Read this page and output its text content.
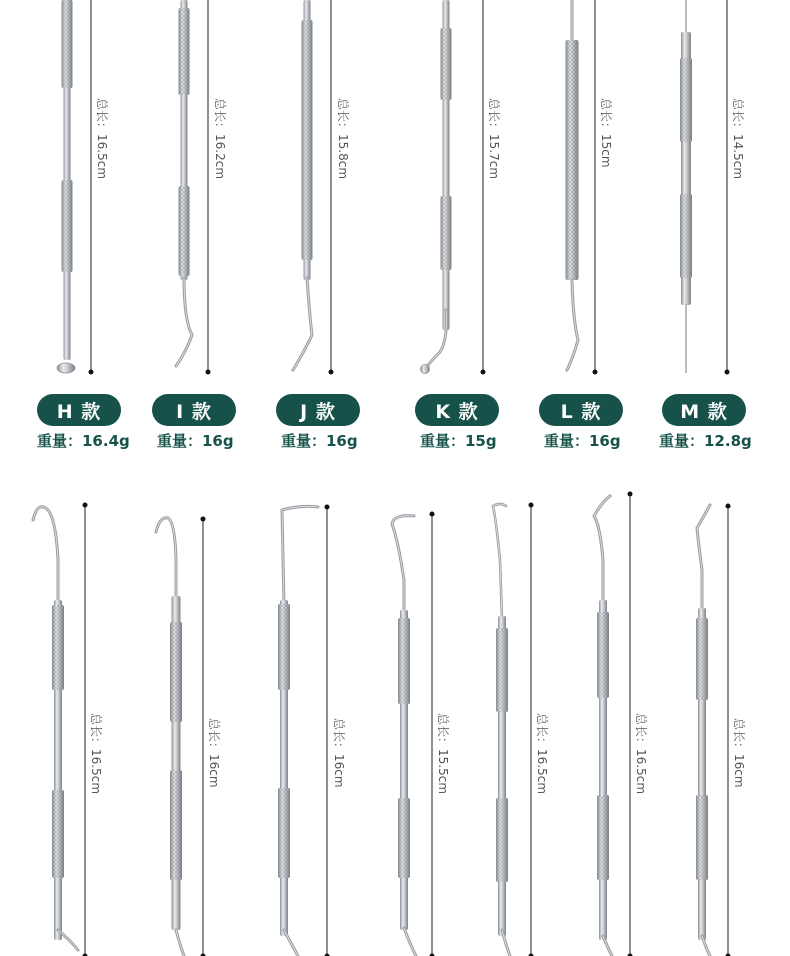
H 款	I 款	J 款	K 款	L 款	M 款
重量：16.4g 重量：16g	重量：16g	重量：15g	重量：16g	重量：12.8g
总长：16.5cm	总长：16.2cm	总长：15.8cm	总长：15.7cm	总长：15cm	总长：14.5cm
总长：16.5cm	总长：16cm	总长：16cm	总长：15.5cm	总长：16.5cm	总长：16.5cm	总长：16cm
